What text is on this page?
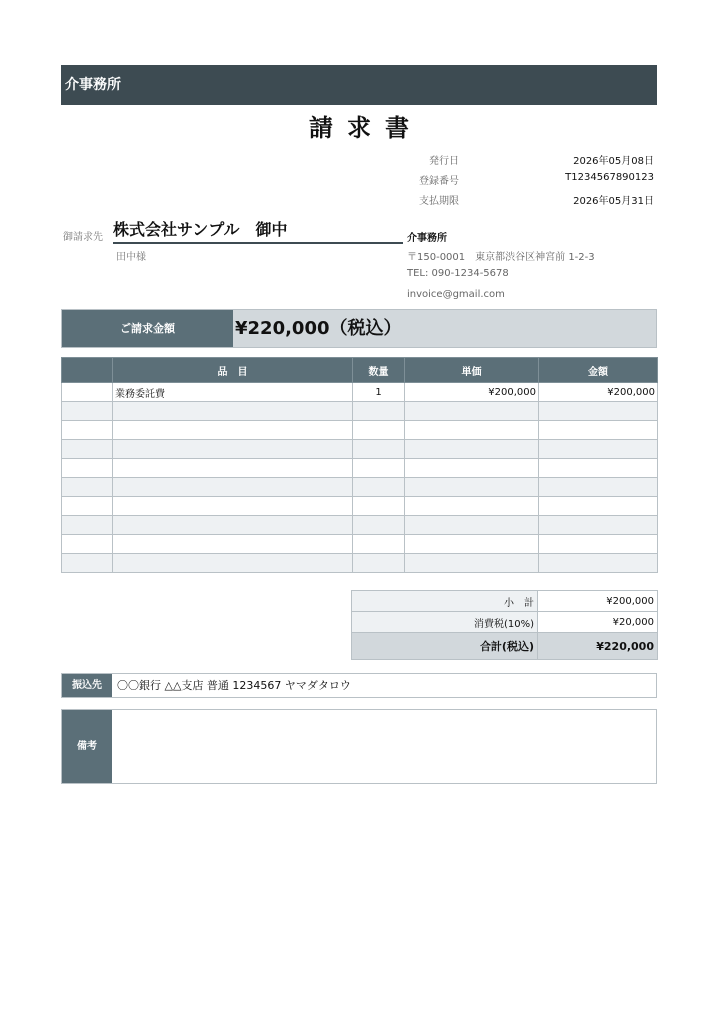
介事務所
請求書
発行日	2026年05月08日
登録番号	T1234567890123
支払期限	2026年05月31日
御請求先 株式会社サンプル　御中
田中様
介事務所
〒150-0001　東京都渋谷区神宮前 1-2-3
TEL: 090-1234-5678
invoice@gmail.com
ご請求金額	¥220,000（税込）
	品　目	数量	単価	金額
	業務委託費	1	¥200,000	¥200,000

小　計	¥200,000
消費税(10%)	¥20,000
合計(税込)	¥220,000
振込先	〇〇銀行 △△支店 普通 1234567 ヤマダタロウ
備考
